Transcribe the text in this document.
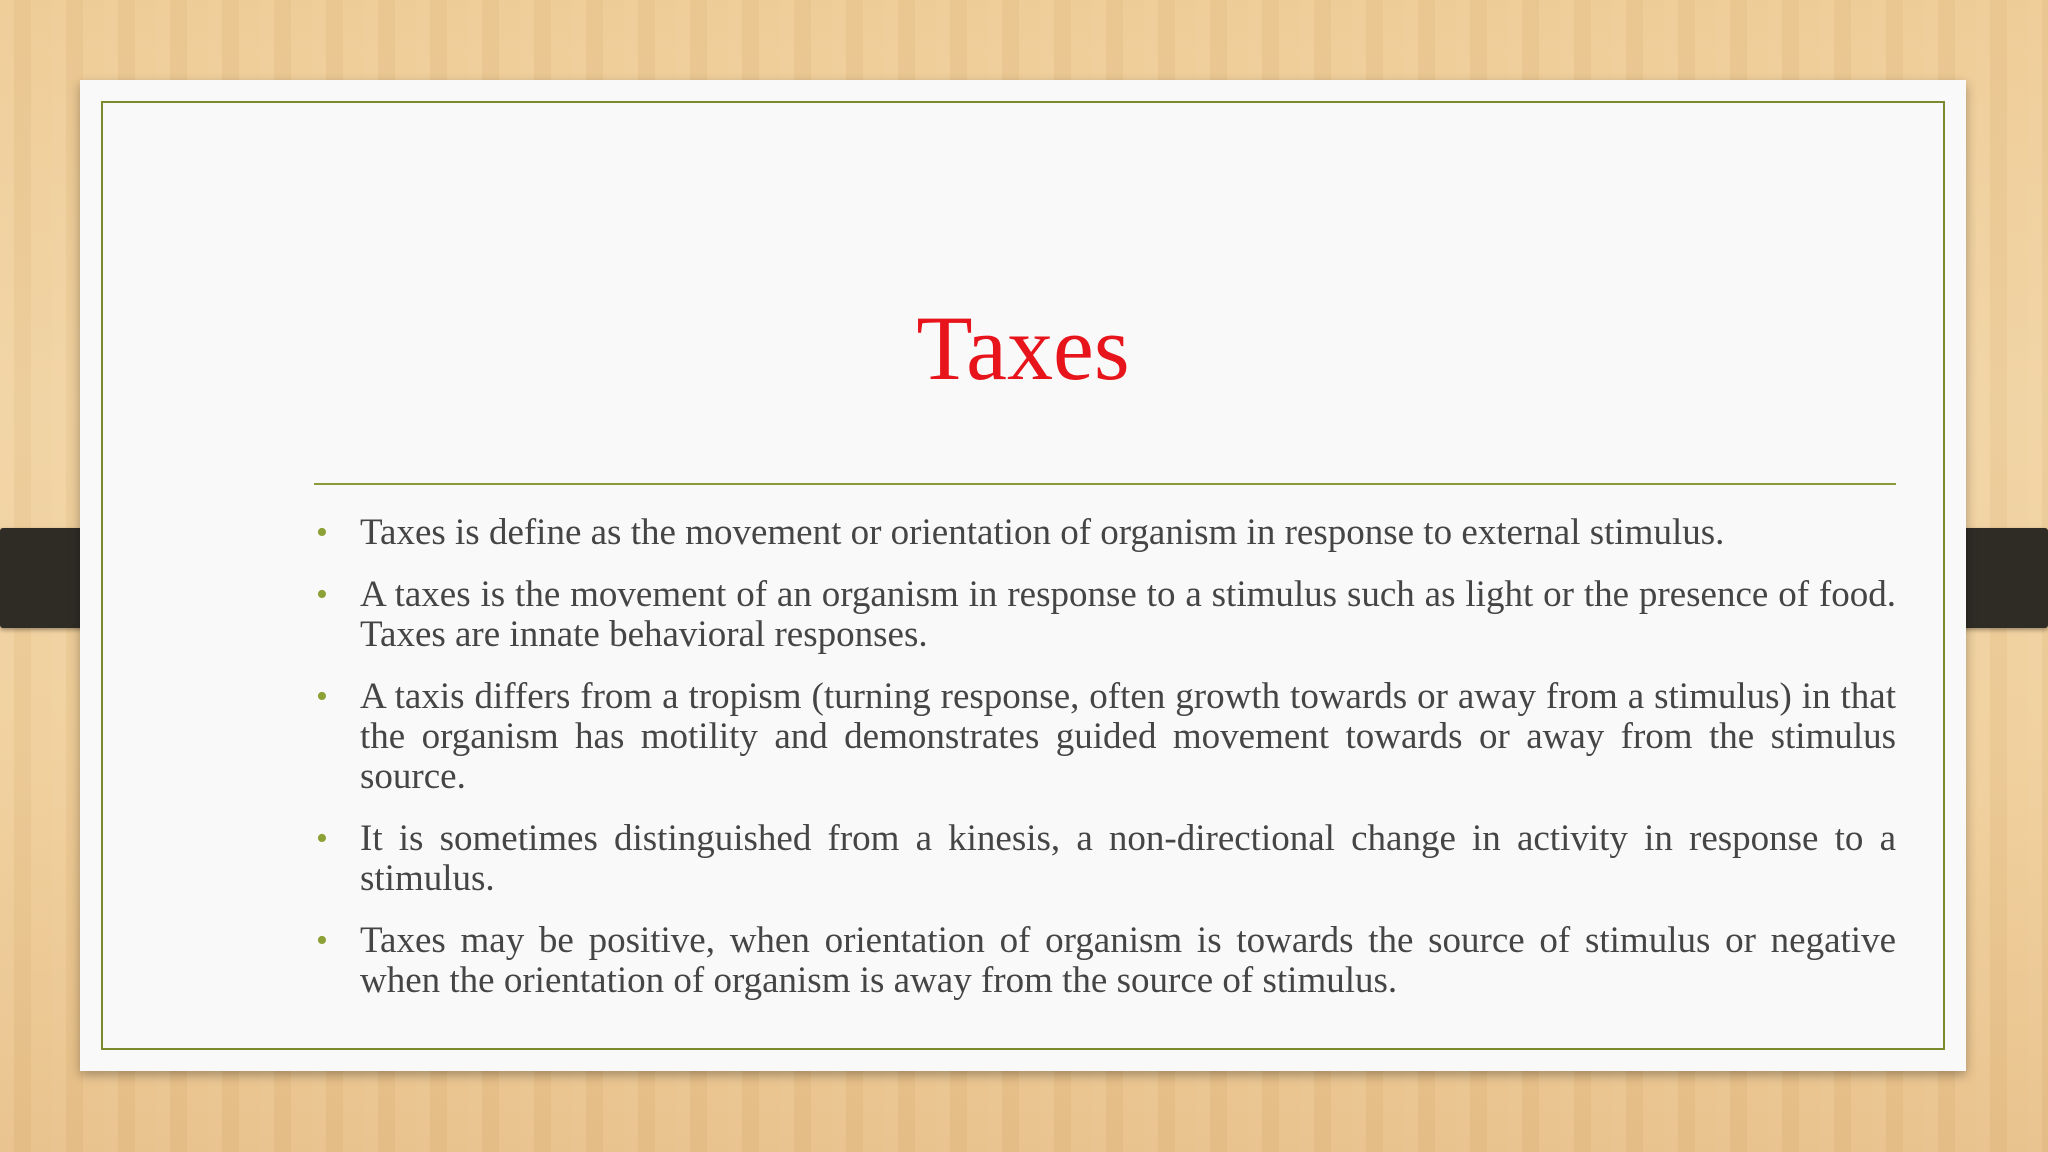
Taxes
• Taxes is define as the movement or orientation of organism in response to external stimulus.
• A taxes is the movement of an organism in response to a stimulus such as light or the presence of food. Taxes are innate behavioral responses.
• A taxis differs from a tropism (turning response, often growth towards or away from a stimulus) in that the organism has motility and demonstrates guided movement towards or away from the stimulus source.
• It is sometimes distinguished from a kinesis, a non-directional change in activity in response to a stimulus.
• Taxes may be positive, when orientation of organism is towards the source of stimulus or negative when the orientation of organism is away from the source of stimulus.
